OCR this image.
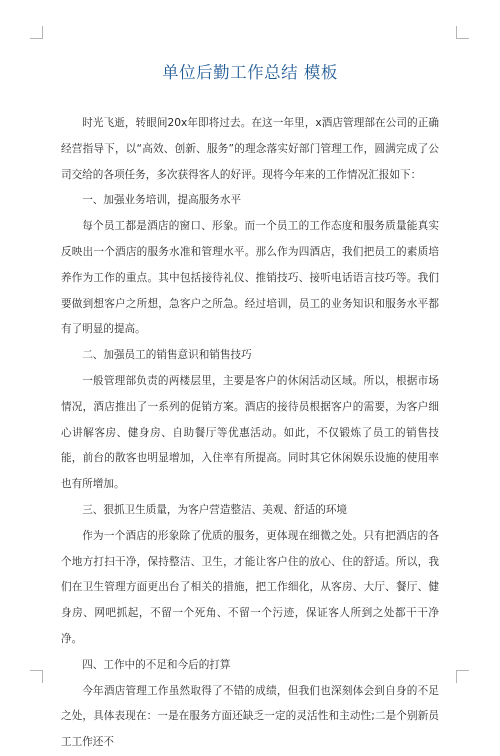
单位后勤工作总结 模板

时光飞逝，转眼间20x年即将过去。在这一年里，x酒店管理部在公司的正确经营指导下，以“高效、创新、服务”的理念落实好部门管理工作，圆满完成了公司交给的各项任务，多次获得客人的好评。现将今年来的工作情况汇报如下：

一、加强业务培训，提高服务水平

每个员工都是酒店的窗口、形象。而一个员工的工作态度和服务质量能真实反映出一个酒店的服务水准和管理水平。那么作为四酒店，我们把员工的素质培养作为工作的重点。其中包括接待礼仪、推销技巧、接听电话语言技巧等。我们要做到想客户之所想，急客户之所急。经过培训，员工的业务知识和服务水平都有了明显的提高。

二、加强员工的销售意识和销售技巧

一般管理部负责的两楼层里，主要是客户的休闲活动区域。所以，根据市场情况，酒店推出了一系列的促销方案。酒店的接待员根据客户的需要，为客户细心讲解客房、健身房、自助餐厅等优惠活动。如此，不仅锻炼了员工的销售技能，前台的散客也明显增加，入住率有所提高。同时其它休闲娱乐设施的使用率也有所增加。

三、狠抓卫生质量，为客户营造整洁、美观、舒适的环境

作为一个酒店的形象除了优质的服务，更体现在细微之处。只有把酒店的各个地方打扫干净，保持整洁、卫生，才能让客户住的放心、住的舒适。所以，我们在卫生管理方面更出台了相关的措施，把工作细化，从客房、大厅、餐厅、健身房、网吧抓起，不留一个死角、不留一个污迹，保证客人所到之处都干干净净。

四、工作中的不足和今后的打算

今年酒店管理工作虽然取得了不错的成绩，但我们也深刻体会到自身的不足之处，具体表现在：一是在服务方面还缺乏一定的灵活性和主动性;二是个别新员工工作还不
